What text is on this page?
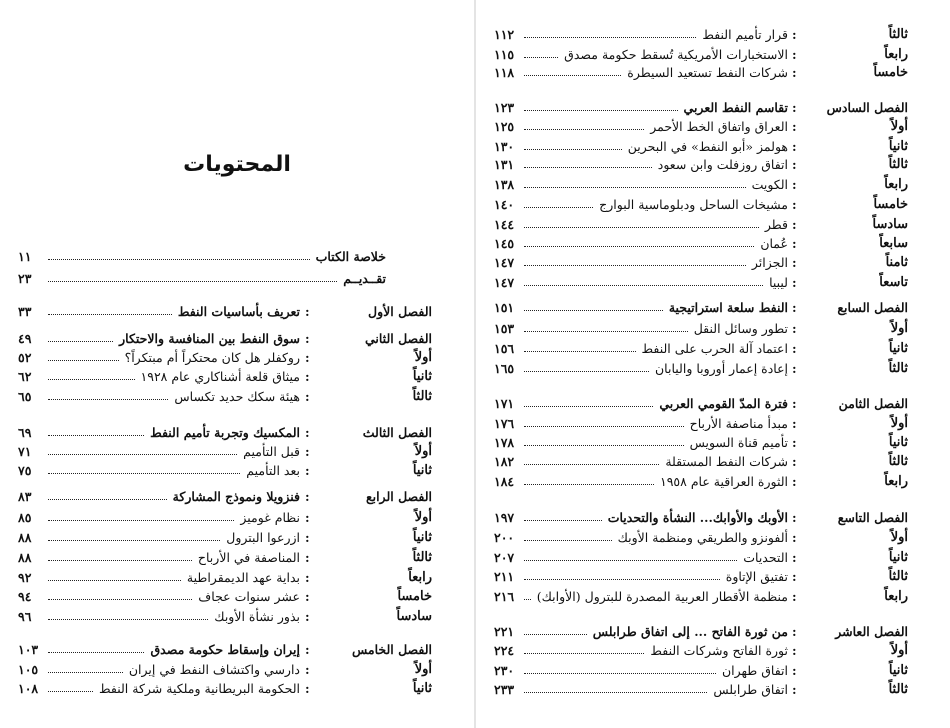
المحتويات
١١	خلاصة الكتاب
٢٣	تقــديــم
٣٣	تعريف بأساسيات النفط	الفصل الأول
:
٤٩	سوق النفط بين المنافسة والاحتكار	الفصل الثاني
:
٥٢	روكفلر هل كان محتكراً أم مبتكراً؟	أولاً
:
٦٢	ميثاق قلعة أشناكاري عام ١٩٢٨	ثانياً
:
٦٥	هيئة سكك حديد تكساس	ثالثاً
:
٦٩	المكسيك وتجربة تأميم النفط	الفصل الثالث
:
٧١	قبل التأميم	أولاً
:
٧٥	بعد التأميم	ثانياً
:
٨٣	فنزويلا ونموذج المشاركة	الفصل الرابع
:
٨٥	نظام غوميز	أولاً
:
٨٨	ازرعوا البترول	ثانياً
:
٨٨	المناصفة في الأرباح	ثالثاً
:
٩٢	بداية عهد الديمقراطية	رابعاً
:
٩٤	عشر سنوات عجاف	خامساً
:
٩٦	بذور نشأة الأوبك	سادساً
:
١٠٣	إيران وإسقاط حكومة مصدق	الفصل الخامس
:
١٠٥	دارسي واكتشاف النفط في إيران	أولاً
:
١٠٨	الحكومة البريطانية وملكية شركة النفط	ثانياً
:
١١٢	قرار تأميم النفط	ثالثاً
:
١١٥	الاستخبارات الأمريكية تُسقط حكومة مصدق	رابعاً
:
١١٨	شركات النفط تستعيد السيطرة	خامساً
:
١٢٣	تقاسم النفط العربي	الفصل السادس
:
١٢٥	العراق واتفاق الخط الأحمر	أولاً
:
١٣٠	هولمز «أبو النفط» في البحرين	ثانياً
:
١٣١	اتفاق روزفلت وابن سعود	ثالثاً
:
١٣٨	الكويت	رابعاً
:
١٤٠	مشيخات الساحل ودبلوماسية البوارج	خامساً
:
١٤٤	قطر	سادساً
:
١٤٥	عُمان	سابعاً
:
١٤٧	الجزائر	ثامناً
:
١٤٧	ليبيا	تاسعاً
:
١٥١	النفط سلعة استراتيجية	الفصل السابع
:
١٥٣	تطور وسائل النقل	أولاً
:
١٥٦	اعتماد آلة الحرب على النفط	ثانياً
:
١٦٥	إعادة إعمار أوروبا واليابان	ثالثاً
:
١٧١	فترة المدّ القومي العربي	الفصل الثامن
:
١٧٦	مبدأ مناصفة الأرباح	أولاً
:
١٧٨	تأميم قناة السويس	ثانياً
:
١٨٢	شركات النفط المستقلة	ثالثاً
:
١٨٤	الثورة العراقية عام ١٩٥٨	رابعاً
:
١٩٧	الأوبك والأوابك... النشأة والتحديات	الفصل التاسع
:
٢٠٠	ألفونزو والطريقي ومنظمة الأوبك	أولاً
:
٢٠٧	التحديات	ثانياً
:
٢١١	تفتيق الإتاوة	ثالثاً
:
٢١٦	منظمة الأقطار العربية المصدرة للبترول (الأوابك)	رابعاً
:
٢٢١	من ثورة الفاتح ... إلى اتفاق طرابلس	الفصل العاشر
:
٢٢٤	ثورة الفاتح وشركات النفط	أولاً
:
٢٣٠	اتفاق طهران	ثانياً
:
٢٣٣	اتفاق طرابلس	ثالثاً
:
